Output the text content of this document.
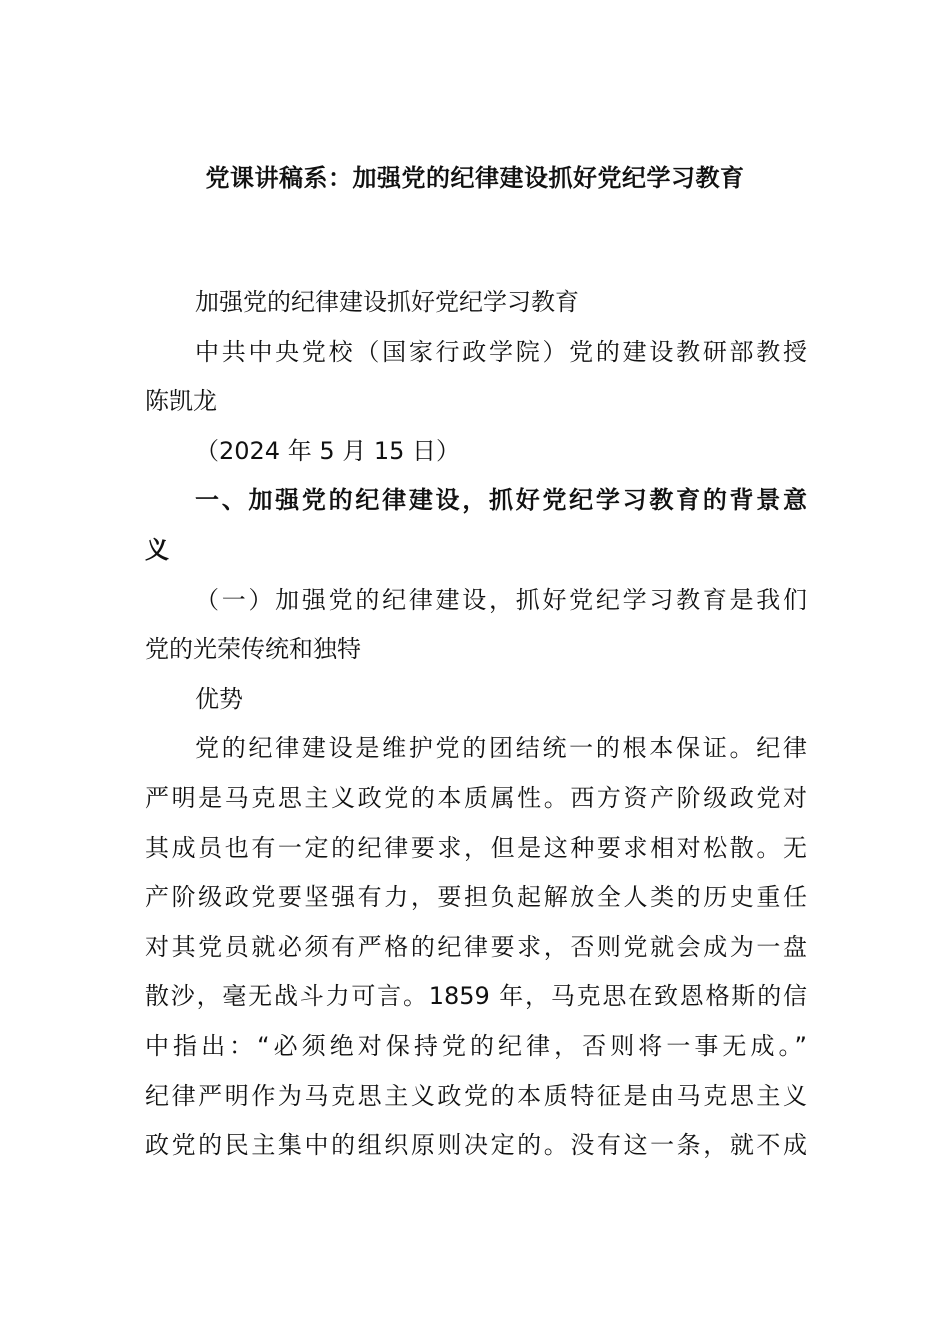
党课讲稿系：加强党的纪律建设抓好党纪学习教育
加强党的纪律建设抓好党纪学习教育
中共中央党校（国家行政学院）党的建设教研部教授
陈凯龙
（2024 年 5 月 15 日）
一、加强党的纪律建设，抓好党纪学习教育的背景意
义
（一）加强党的纪律建设，抓好党纪学习教育是我们
党的光荣传统和独特
优势
党的纪律建设是维护党的团结统一的根本保证。纪律
严明是马克思主义政党的本质属性。西方资产阶级政党对
其成员也有一定的纪律要求，但是这种要求相对松散。无
产阶级政党要坚强有力，要担负起解放全人类的历史重任
对其党员就必须有严格的纪律要求，否则党就会成为一盘
散沙，毫无战斗力可言。1859 年，马克思在致恩格斯的信
中指出：“必须绝对保持党的纪律，否则将一事无成。”
纪律严明作为马克思主义政党的本质特征是由马克思主义
政党的民主集中的组织原则决定的。没有这一条，就不成
